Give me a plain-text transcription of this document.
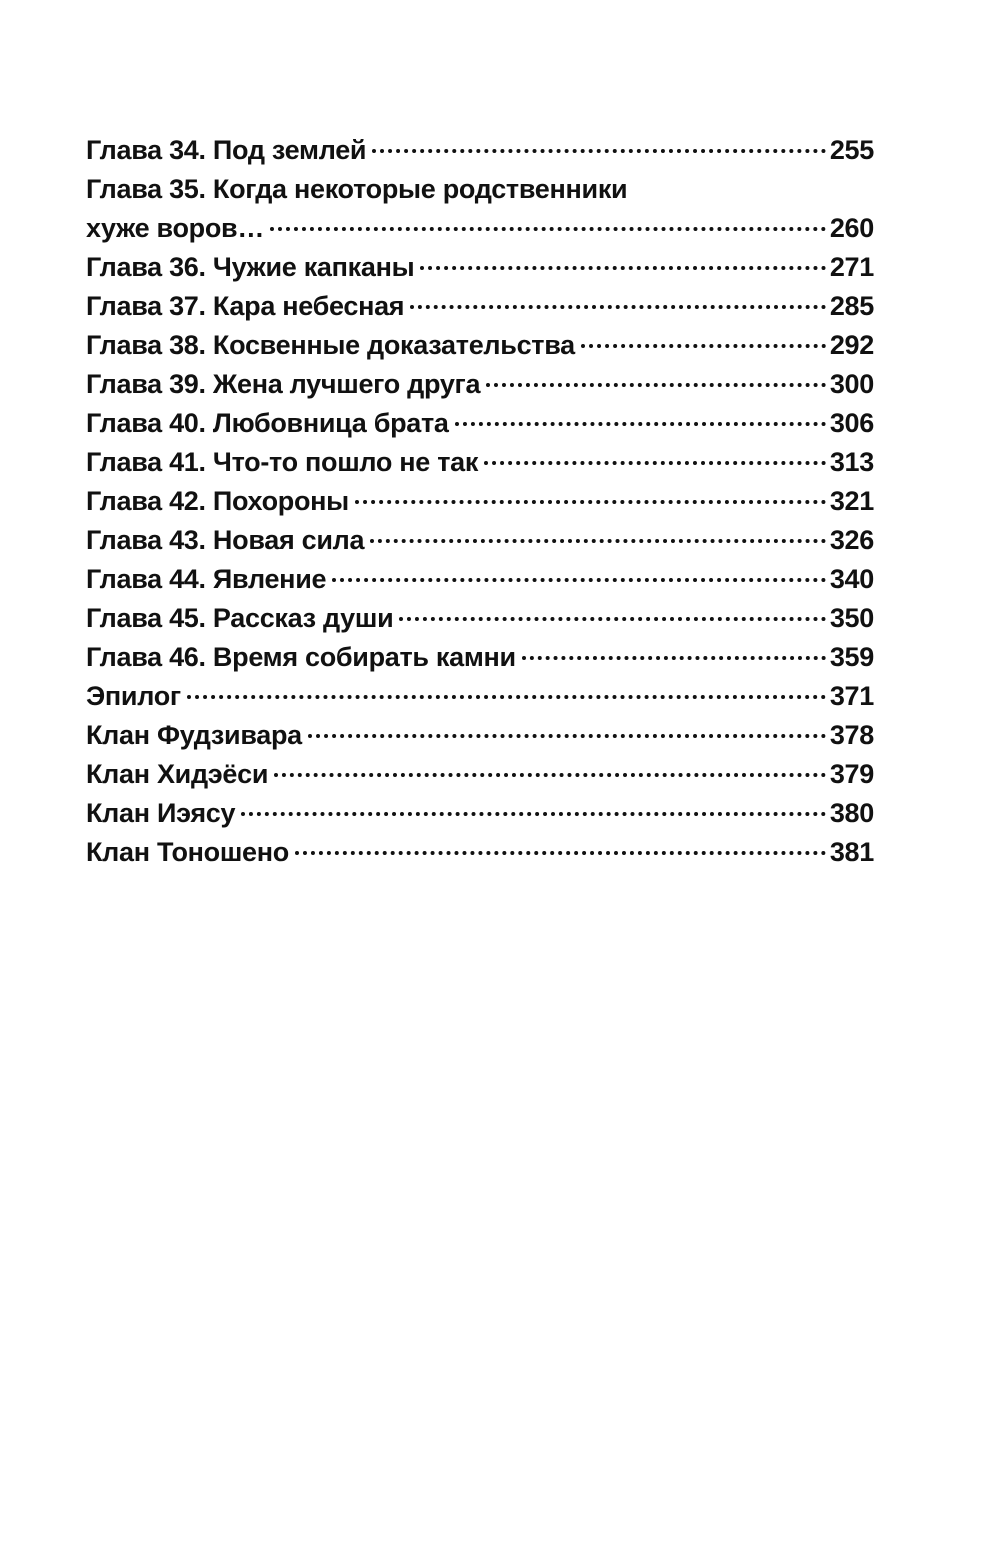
Глава 34. Под землей	255
Глава 35. Когда некоторые родственники
хуже воров…	260
Глава 36. Чужие капканы	271
Глава 37. Кара небесная	285
Глава 38. Косвенные доказательства	292
Глава 39. Жена лучшего друга	300
Глава 40. Любовница брата	306
Глава 41. Что-то пошло не так	313
Глава 42. Похороны	321
Глава 43. Новая сила	326
Глава 44. Явление	340
Глава 45. Рассказ души	350
Глава 46. Время собирать камни	359
Эпилог	371
Клан Фудзивара	378
Клан Хидэёси	379
Клан Иэясу	380
Клан Тоношено	381
